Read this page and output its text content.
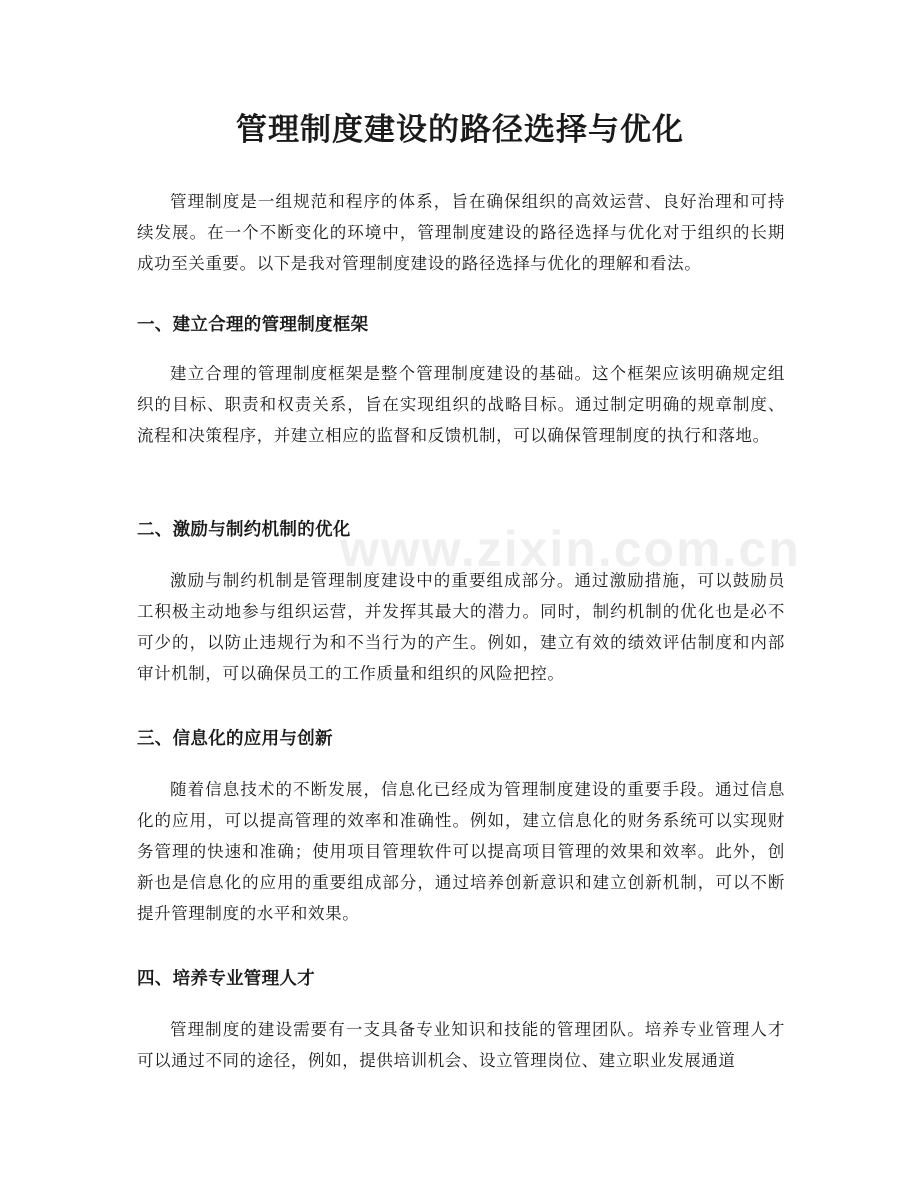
管理制度建设的路径选择与优化

管理制度是一组规范和程序的体系，旨在确保组织的高效运营、良好治理和可持续发展。在一个不断变化的环境中，管理制度建设的路径选择与优化对于组织的长期成功至关重要。以下是我对管理制度建设的路径选择与优化的理解和看法。

一、建立合理的管理制度框架

建立合理的管理制度框架是整个管理制度建设的基础。这个框架应该明确规定组织的目标、职责和权责关系，旨在实现组织的战略目标。通过制定明确的规章制度、流程和决策程序，并建立相应的监督和反馈机制，可以确保管理制度的执行和落地。

二、激励与制约机制的优化

激励与制约机制是管理制度建设中的重要组成部分。通过激励措施，可以鼓励员工积极主动地参与组织运营，并发挥其最大的潜力。同时，制约机制的优化也是必不可少的，以防止违规行为和不当行为的产生。例如，建立有效的绩效评估制度和内部审计机制，可以确保员工的工作质量和组织的风险把控。

三、信息化的应用与创新

随着信息技术的不断发展，信息化已经成为管理制度建设的重要手段。通过信息化的应用，可以提高管理的效率和准确性。例如，建立信息化的财务系统可以实现财务管理的快速和准确；使用项目管理软件可以提高项目管理的效果和效率。此外，创新也是信息化的应用的重要组成部分，通过培养创新意识和建立创新机制，可以不断提升管理制度的水平和效果。

四、培养专业管理人才

管理制度的建设需要有一支具备专业知识和技能的管理团队。培养专业管理人才可以通过不同的途径，例如，提供培训机会、设立管理岗位、建立职业发展通道

www.zixin.com.cn
